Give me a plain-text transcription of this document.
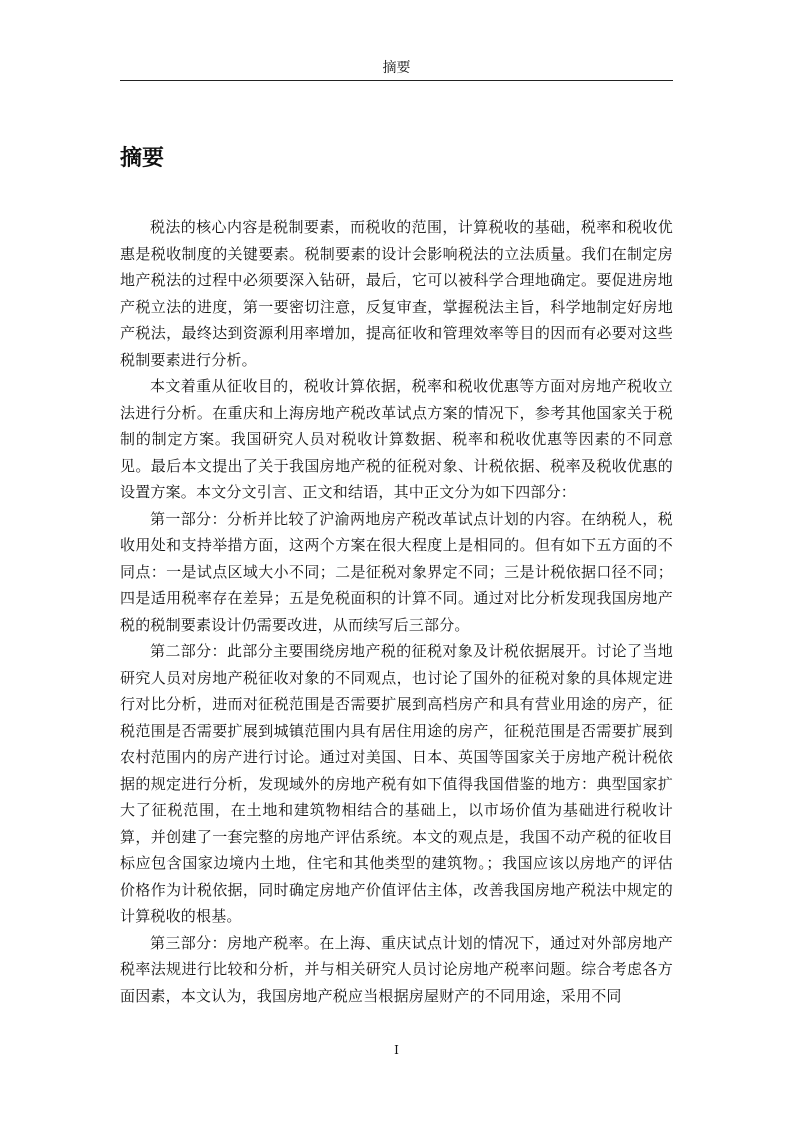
摘要
摘要

税法的核心内容是税制要素，而税收的范围，计算税收的基础，税率和税收优惠是税收制度的关键要素。税制要素的设计会影响税法的立法质量。我们在制定房地产税法的过程中必须要深入钻研，最后，它可以被科学合理地确定。要促进房地产税立法的进度，第一要密切注意，反复审查，掌握税法主旨，科学地制定好房地产税法，最终达到资源利用率增加，提高征收和管理效率等目的因而有必要对这些税制要素进行分析。

本文着重从征收目的，税收计算依据，税率和税收优惠等方面对房地产税收立法进行分析。在重庆和上海房地产税改革试点方案的情况下，参考其他国家关于税制的制定方案。我国研究人员对税收计算数据、税率和税收优惠等因素的不同意见。最后本文提出了关于我国房地产税的征税对象、计税依据、税率及税收优惠的设置方案。本文分文引言、正文和结语，其中正文分为如下四部分：

第一部分：分析并比较了沪渝两地房产税改革试点计划的内容。在纳税人，税收用处和支持举措方面，这两个方案在很大程度上是相同的。但有如下五方面的不同点：一是试点区域大小不同；二是征税对象界定不同；三是计税依据口径不同； 四是适用税率存在差异；五是免税面积的计算不同。通过对比分析发现我国房地产税的税制要素设计仍需要改进，从而续写后三部分。

第二部分：此部分主要围绕房地产税的征税对象及计税依据展开。讨论了当地研究人员对房地产税征收对象的不同观点，也讨论了国外的征税对象的具体规定进行对比分析，进而对征税范围是否需要扩展到高档房产和具有营业用途的房产，征税范围是否需要扩展到城镇范围内具有居住用途的房产，征税范围是否需要扩展到农村范围内的房产进行讨论。通过对美国、日本、英国等国家关于房地产税计税依据的规定进行分析，发现域外的房地产税有如下值得我国借鉴的地方：典型国家扩大了征税范围，在土地和建筑物相结合的基础上，以市场价值为基础进行税收计算，并创建了一套完整的房地产评估系统。本文的观点是，我国不动产税的征收目标应包含国家边境内土地，住宅和其他类型的建筑物。；我国应该以房地产的评估价格作为计税依据，同时确定房地产价值评估主体，改善我国房地产税法中规定的计算税收的根基。

第三部分：房地产税率。在上海、重庆试点计划的情况下，通过对外部房地产税率法规进行比较和分析，并与相关研究人员讨论房地产税率问题。综合考虑各方面因素，本文认为，我国房地产税应当根据房屋财产的不同用途，采用不同

I
